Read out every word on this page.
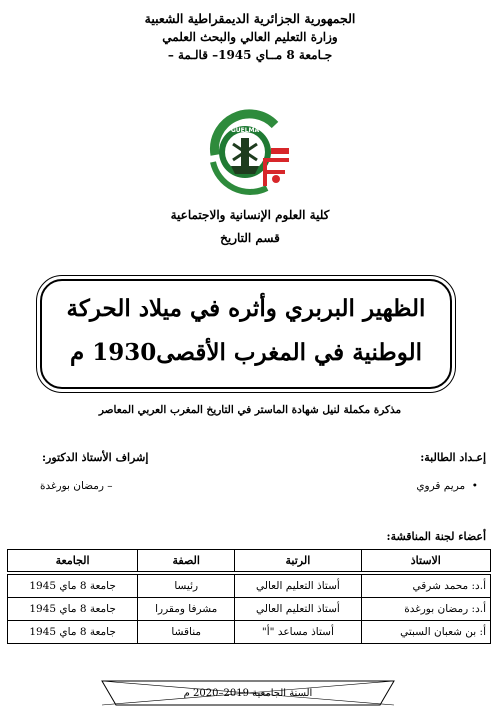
الجمهورية الجزائرية الديمقراطية الشعبية
وزارة التعليم العالي والبحث العلمي
جـامعة 8 مــاي 1945– قالـمة –
GUELMA
كلية العلوم الإنسانية والاجتماعية
قسم التاريخ
الظهير البربري وأثره في ميلاد الحركة
الوطنية في المغرب الأقصى1930 م
مذكرة مكملة لنيل شهادة الماستر في التاريخ المغرب العربي المعاصر
إعـداد الطالبة:
•  مريم قروي
إشراف الأستاذ الدكتور:
– رمضان بورغدة
أعضاء لجنة المناقشة:
الاستاذ	الرتبة	الصفة	الجامعة

أ.د: محمد شرقي	أستاذ التعليم العالي	رئيسا	جامعة 8 ماي 1945
أ.د: رمضان بورغدة	أستاذ التعليم العالي	مشرفا ومقررا	جامعة 8 ماي 1945
أ: بن شعبان السبتي	أستاذ مساعد "أ"	مناقشا	جامعة 8 ماي 1945
السنة الجامعية 2019–2020 م
